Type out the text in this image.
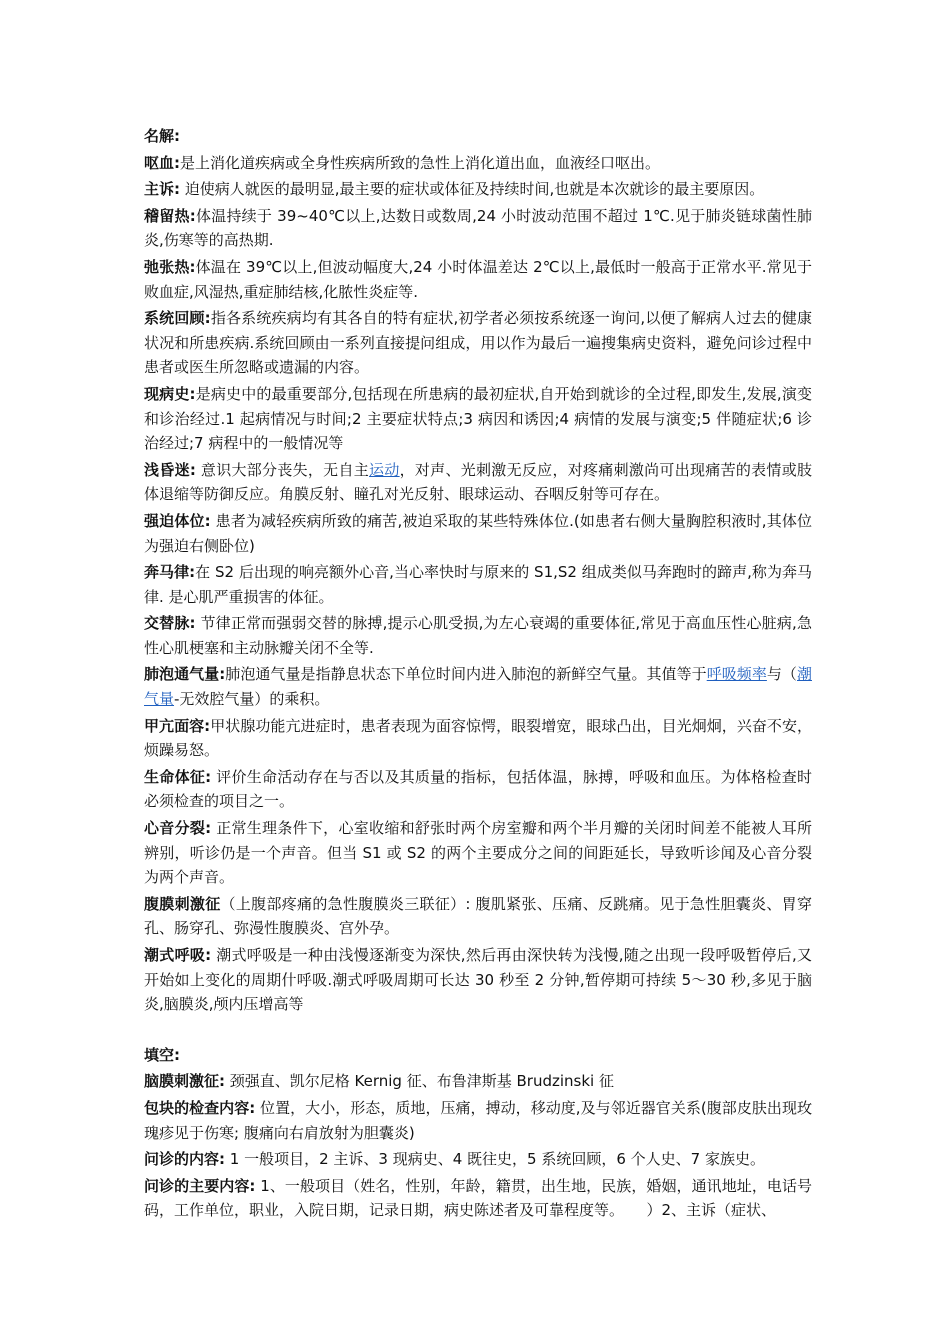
名解:

呕血:是上消化道疾病或全身性疾病所致的急性上消化道出血，血液经口呕出。

主诉: 迫使病人就医的最明显,最主要的症状或体征及持续时间,也就是本次就诊的最主要原因。

稽留热:体温持续于 39~40℃以上,达数日或数周,24 小时波动范围不超过 1℃.见于肺炎链球菌性肺炎,伤寒等的高热期.

弛张热:体温在 39℃以上,但波动幅度大,24 小时体温差达 2℃以上,最低时一般高于正常水平.常见于败血症,风湿热,重症肺结核,化脓性炎症等.

系统回顾:指各系统疾病均有其各自的特有症状,初学者必须按系统逐一询问,以便了解病人过去的健康状况和所患疾病.系统回顾由一系列直接提问组成，用以作为最后一遍搜集病史资料，避免问诊过程中患者或医生所忽略或遗漏的内容。

现病史:是病史中的最重要部分,包括现在所患病的最初症状,自开始到就诊的全过程,即发生,发展,演变和诊治经过.1 起病情况与时间;2 主要症状特点;3 病因和诱因;4 病情的发展与演变;5 伴随症状;6 诊治经过;7 病程中的一般情况等

浅昏迷: 意识大部分丧失，无自主运动，对声、光刺激无反应，对疼痛刺激尚可出现痛苦的表情或肢体退缩等防御反应。角膜反射、瞳孔对光反射、眼球运动、吞咽反射等可存在。

强迫体位: 患者为减轻疾病所致的痛苦,被迫采取的某些特殊体位.(如患者右侧大量胸腔积液时,其体位为强迫右侧卧位)

奔马律:在 S2 后出现的响亮额外心音,当心率快时与原来的 S1,S2 组成类似马奔跑时的蹄声,称为奔马律. 是心肌严重损害的体征。

交替脉: 节律正常而强弱交替的脉搏,提示心肌受损,为左心衰竭的重要体征,常见于高血压性心脏病,急性心肌梗塞和主动脉瓣关闭不全等.

肺泡通气量:肺泡通气量是指静息状态下单位时间内进入肺泡的新鲜空气量。其值等于呼吸频率与（潮气量-无效腔气量）的乘积。

甲亢面容:甲状腺功能亢进症时，患者表现为面容惊愕，眼裂增宽，眼球凸出，目光炯炯，兴奋不安，烦躁易怒。

生命体征: 评价生命活动存在与否以及其质量的指标，包括体温，脉搏，呼吸和血压。为体格检查时必须检查的项目之一。

心音分裂: 正常生理条件下，心室收缩和舒张时两个房室瓣和两个半月瓣的关闭时间差不能被人耳所辨别，听诊仍是一个声音。但当 S1 或 S2 的两个主要成分之间的间距延长，导致听诊闻及心音分裂为两个声音。

腹膜刺激征（上腹部疼痛的急性腹膜炎三联征）: 腹肌紧张、压痛、反跳痛。见于急性胆囊炎、胃穿孔、肠穿孔、弥漫性腹膜炎、宫外孕。

潮式呼吸: 潮式呼吸是一种由浅慢逐渐变为深快,然后再由深快转为浅慢,随之出现一段呼吸暂停后,又开始如上变化的周期什呼吸.潮式呼吸周期可长达 30 秒至 2 分钟,暂停期可持续 5～30 秒,多见于脑炎,脑膜炎,颅内压增高等

填空:

脑膜刺激征: 颈强直、凯尔尼格 Kernig 征、布鲁津斯基 Brudzinski 征

包块的检查内容: 位置，大小，形态，质地，压痛，搏动，移动度,及与邻近器官关系(腹部皮肤出现玫瑰疹见于伤寒; 腹痛向右肩放射为胆囊炎)

问诊的内容: 1 一般项目，2 主诉、3 现病史、4 既往史，5 系统回顾，6 个人史、7 家族史。

问诊的主要内容: 1、一般项目（姓名，性别，年龄，籍贯，出生地，民族，婚姻，通讯地址，电话号码，工作单位，职业，入院日期，记录日期，病史陈述者及可靠程度等。　　）2、主诉（症状、
